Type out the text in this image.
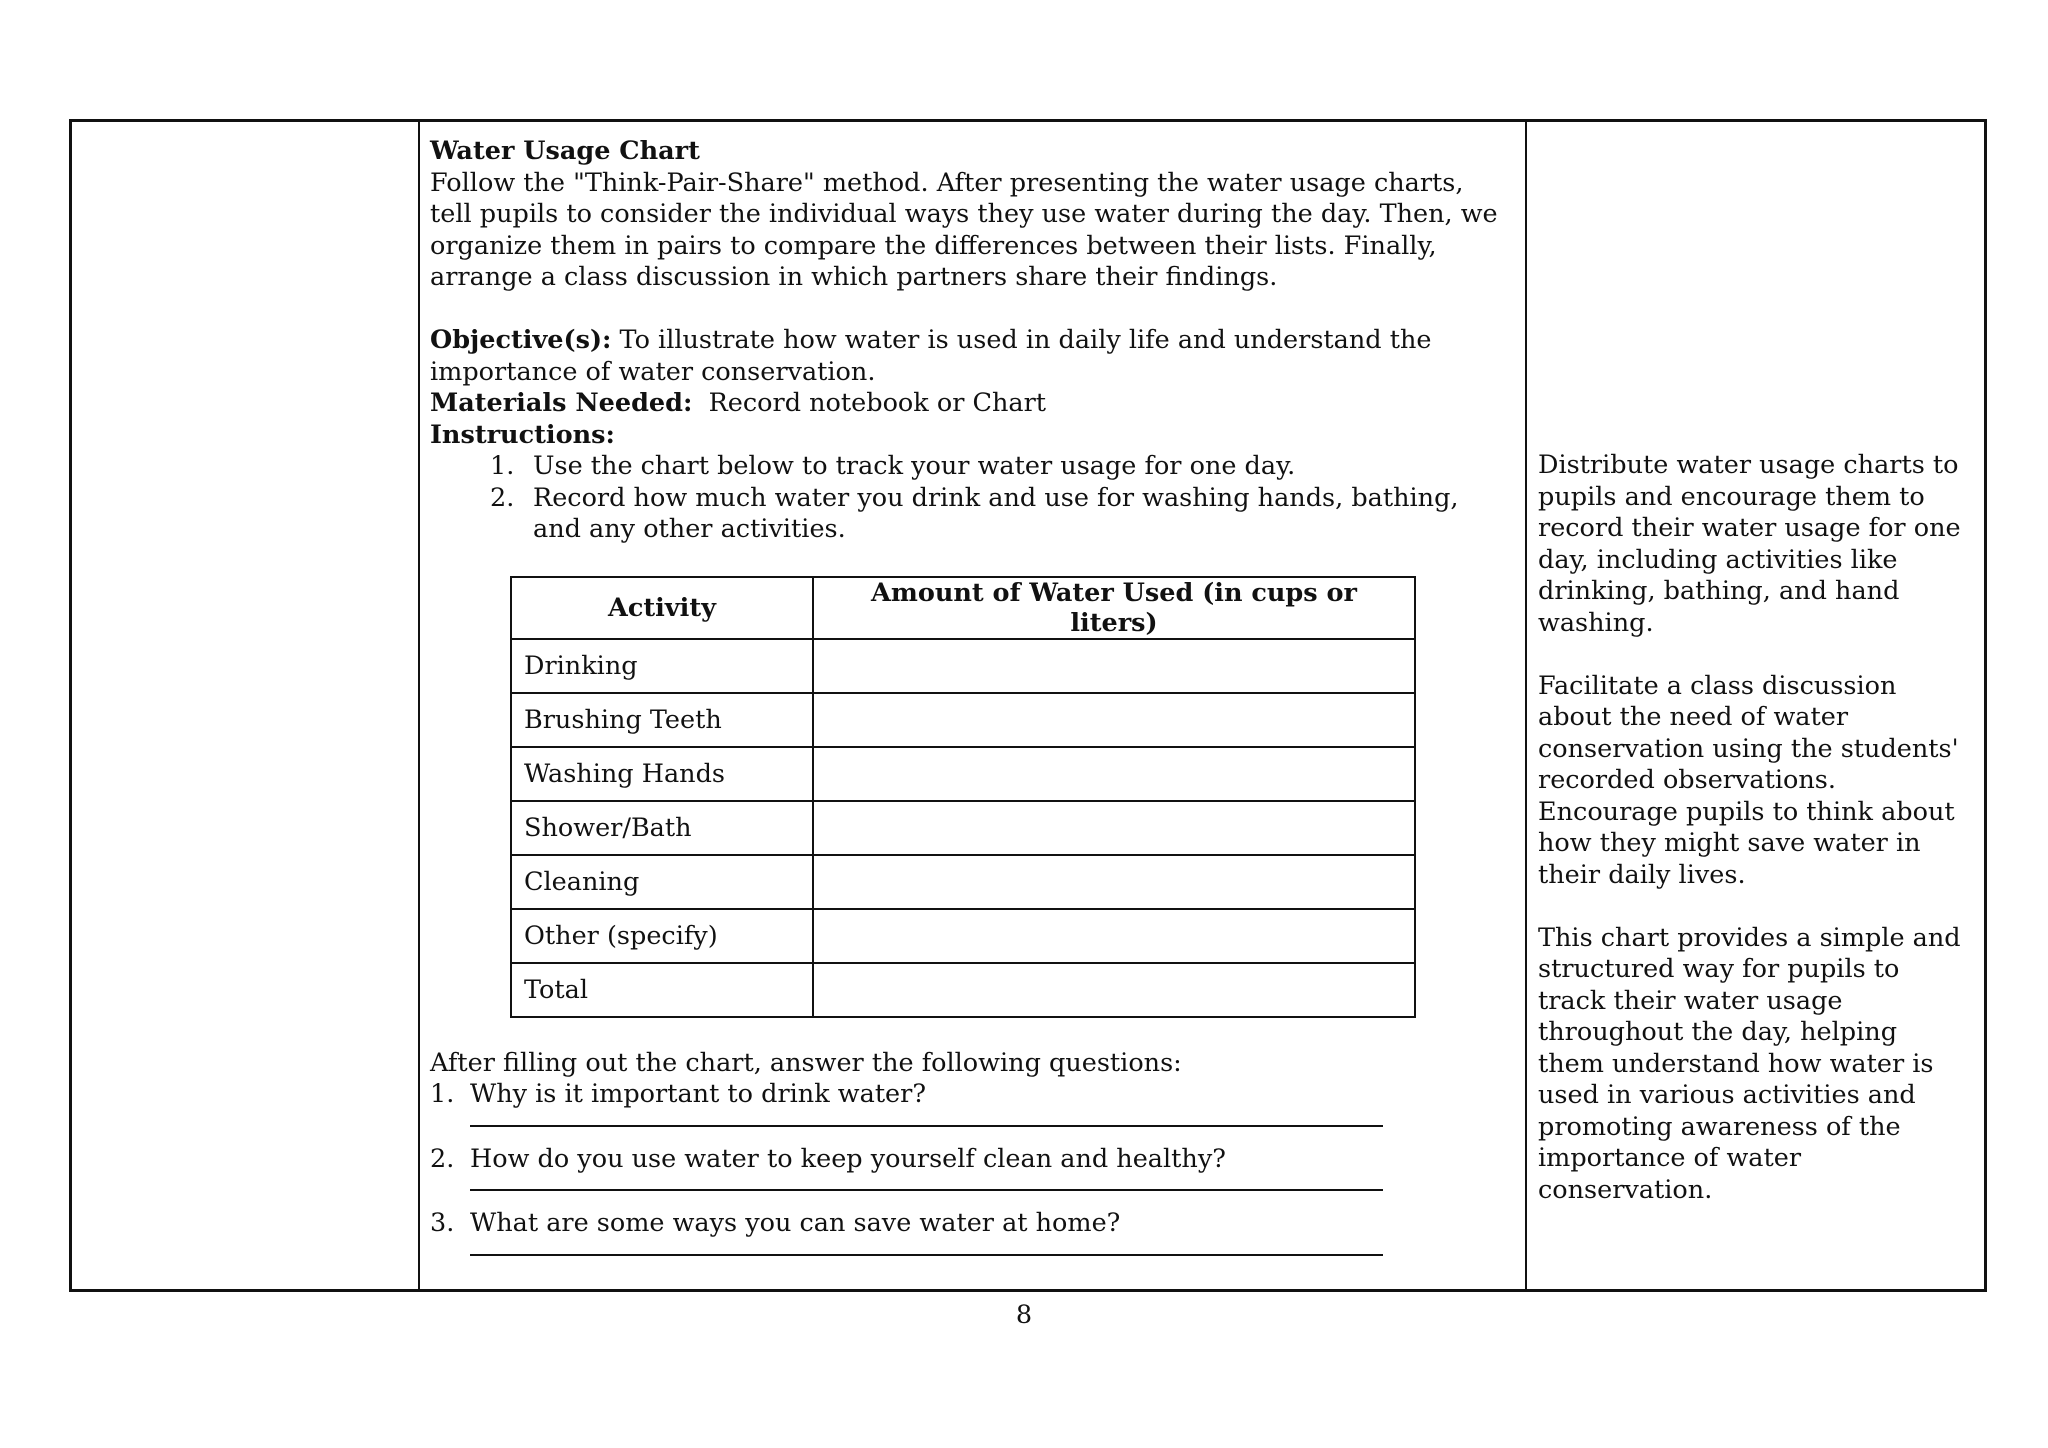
Water Usage Chart

Follow the "Think-Pair-Share" method. After presenting the water usage charts, tell pupils to consider the individual ways they use water during the day. Then, we organize them in pairs to compare the differences between their lists. Finally, arrange a class discussion in which partners share their findings.

Objective(s): To illustrate how water is used in daily life and understand the importance of water conservation.

Materials Needed: Record notebook or Chart

Instructions:

1. Use the chart below to track your water usage for one day.
2. Record how much water you drink and use for washing hands, bathing, and any other activities.
Activity	Amount of Water Used (in cups or liters)
Drinking	
Brushing Teeth	
Washing Hands	
Shower/Bath	
Cleaning	
Other (specify)	
Total	

After filling out the chart, answer the following questions:

1. Why is it important to drink water?
2. How do you use water to keep yourself clean and healthy?
3. What are some ways you can save water at home?

Distribute water usage charts to pupils and encourage them to record their water usage for one day, including activities like drinking, bathing, and hand washing.

Facilitate a class discussion about the need of water conservation using the students' recorded observations. Encourage pupils to think about how they might save water in their daily lives.

This chart provides a simple and structured way for pupils to track their water usage throughout the day, helping them understand how water is used in various activities and promoting awareness of the importance of water conservation.

8
